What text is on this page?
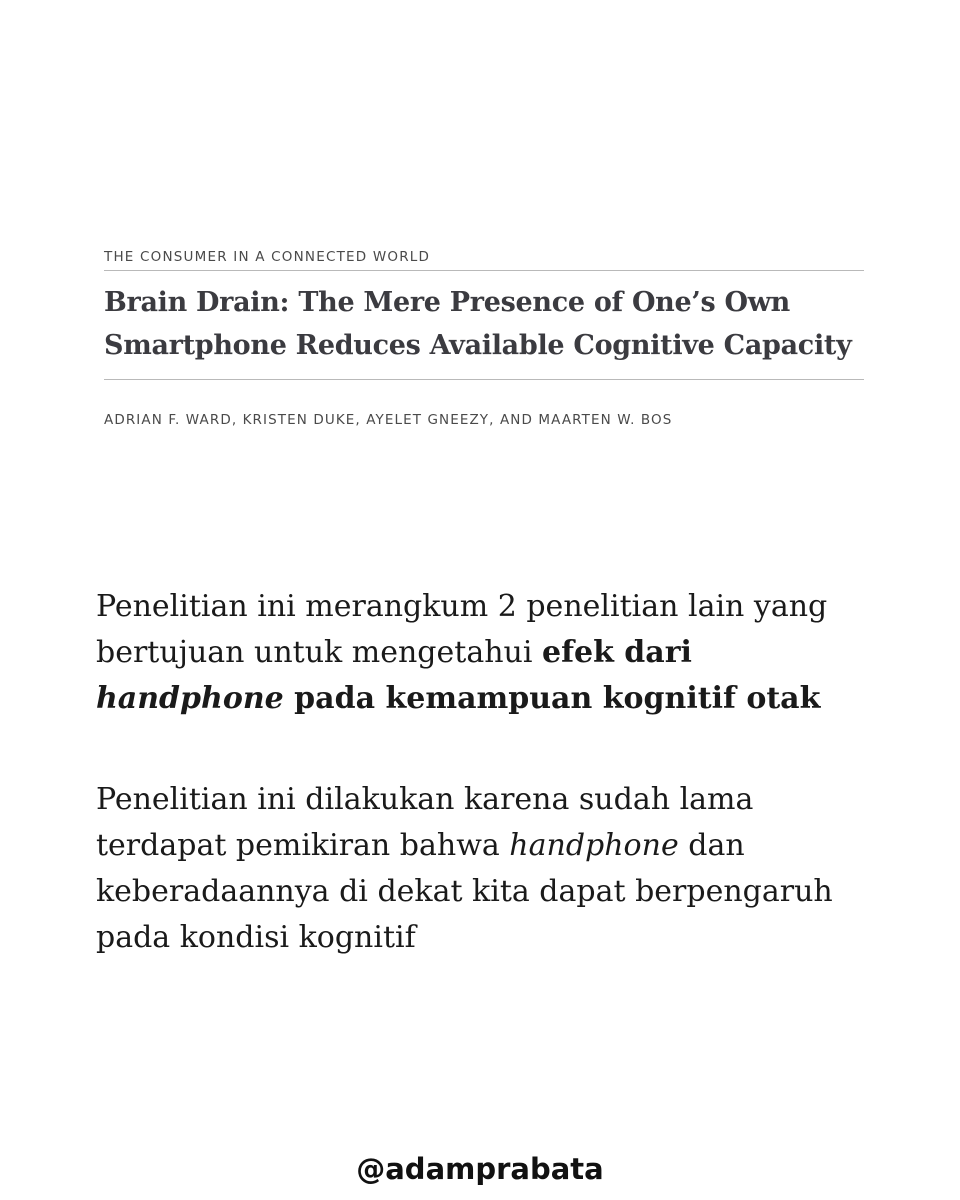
THE CONSUMER IN A CONNECTED WORLD
Brain Drain: The Mere Presence of One’s Own
Smartphone Reduces Available Cognitive Capacity
ADRIAN F. WARD, KRISTEN DUKE, AYELET GNEEZY, AND MAARTEN W. BOS

Penelitian ini merangkum 2 penelitian lain yang
bertujuan untuk mengetahui efek dari
handphone pada kemampuan kognitif otak

Penelitian ini dilakukan karena sudah lama
terdapat pemikiran bahwa handphone dan
keberadaannya di dekat kita dapat berpengaruh
pada kondisi kognitif

@adamprabata
